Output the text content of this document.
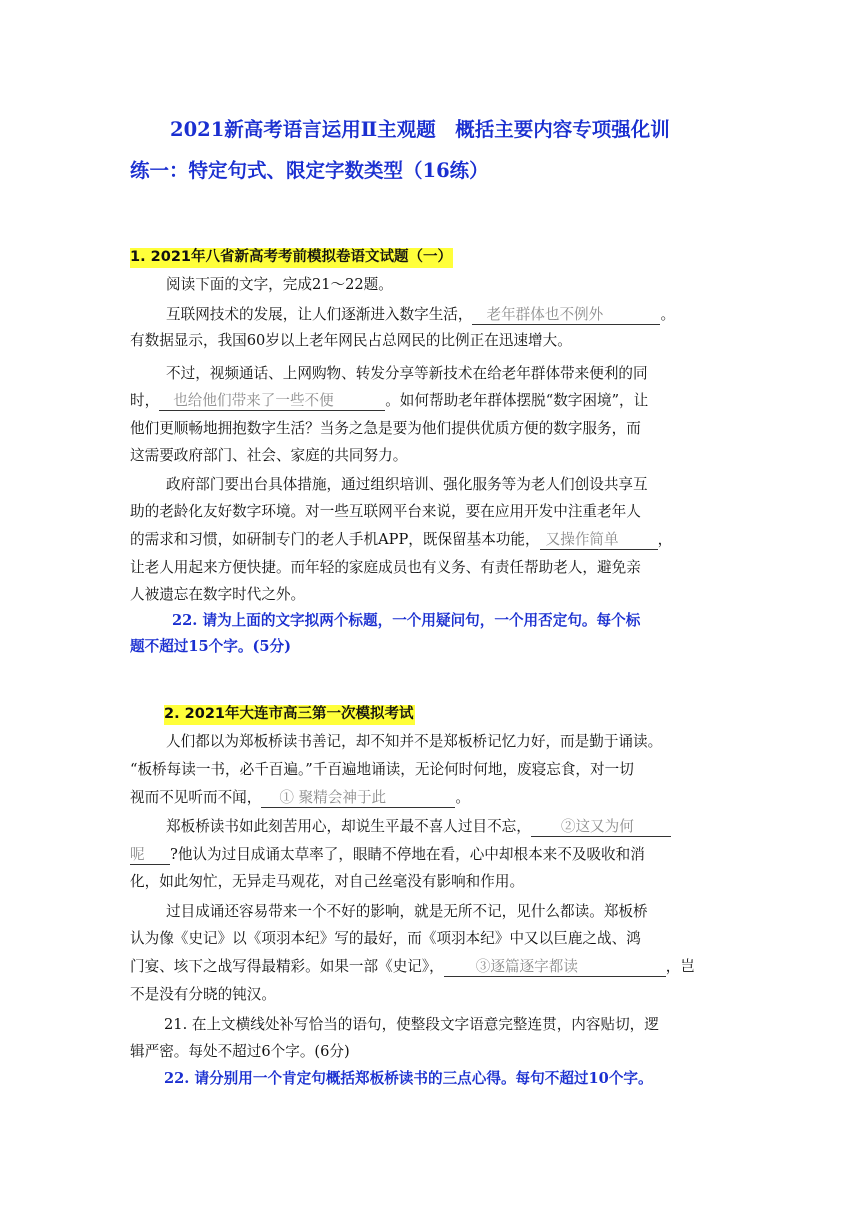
2021新高考语言运用Ⅱ主观题　概括主要内容专项强化训
练一：特定句式、限定字数类型（16练）
1. 2021年八省新高考考前模拟卷语文试题（一）
阅读下面的文字，完成21～22题。
互联网技术的发展，让人们逐渐进入数字生活， 老年群体也不例外	。
有数据显示，我国60岁以上老年网民占总网民的比例正在迅速增大。
不过，视频通话、上网购物、转发分享等新技术在给老年群体带来便利的同
时， 也给他们带来了一些不便	。如何帮助老年群体摆脱“数字困境”，让
他们更顺畅地拥抱数字生活？当务之急是要为他们提供优质方便的数字服务，而
这需要政府部门、社会、家庭的共同努力。
政府部门要出台具体措施，通过组织培训、强化服务等为老人们创设共享互
助的老龄化友好数字环境。对一些互联网平台来说，要在应用开发中注重老年人
的需求和习惯，如研制专门的老人手机APP，既保留基本功能， 又操作简单	，
让老人用起来方便快捷。而年轻的家庭成员也有义务、有责任帮助老人，避免亲
人被遗忘在数字时代之外。
22. 请为上面的文字拟两个标题，一个用疑问句，一个用否定句。每个标
题不超过15个字。(5分)
2. 2021年大连市高三第一次模拟考试
人们都以为郑板桥读书善记，却不知并不是郑板桥记忆力好，而是勤于诵读。
“板桥每读一书，必千百遍。”千百遍地诵读，无论何时何地，废寝忘食，对一切
视而不见听而不闻， ① 聚精会神于此	。
郑板桥读书如此刻苦用心，却说生平最不喜人过目不忘， ②这又为何
呢 ?他认为过目成诵太草率了，眼睛不停地在看，心中却根本来不及吸收和消
化，如此匆忙，无异走马观花，对自己丝毫没有影响和作用。
过目成诵还容易带来一个不好的影响，就是无所不记，见什么都读。郑板桥
认为像《史记》以《项羽本纪》写的最好，而《项羽本纪》中又以巨鹿之战、鸿
门宴、垓下之战写得最精彩。如果一部《史记》， ③逐篇逐字都读	，岂
不是没有分晓的钝汉。
21. 在上文横线处补写恰当的语句，使整段文字语意完整连贯，内容贴切，逻
辑严密。每处不超过6个字。(6分)
22. 请分别用一个肯定句概括郑板桥读书的三点心得。每句不超过10个字。
